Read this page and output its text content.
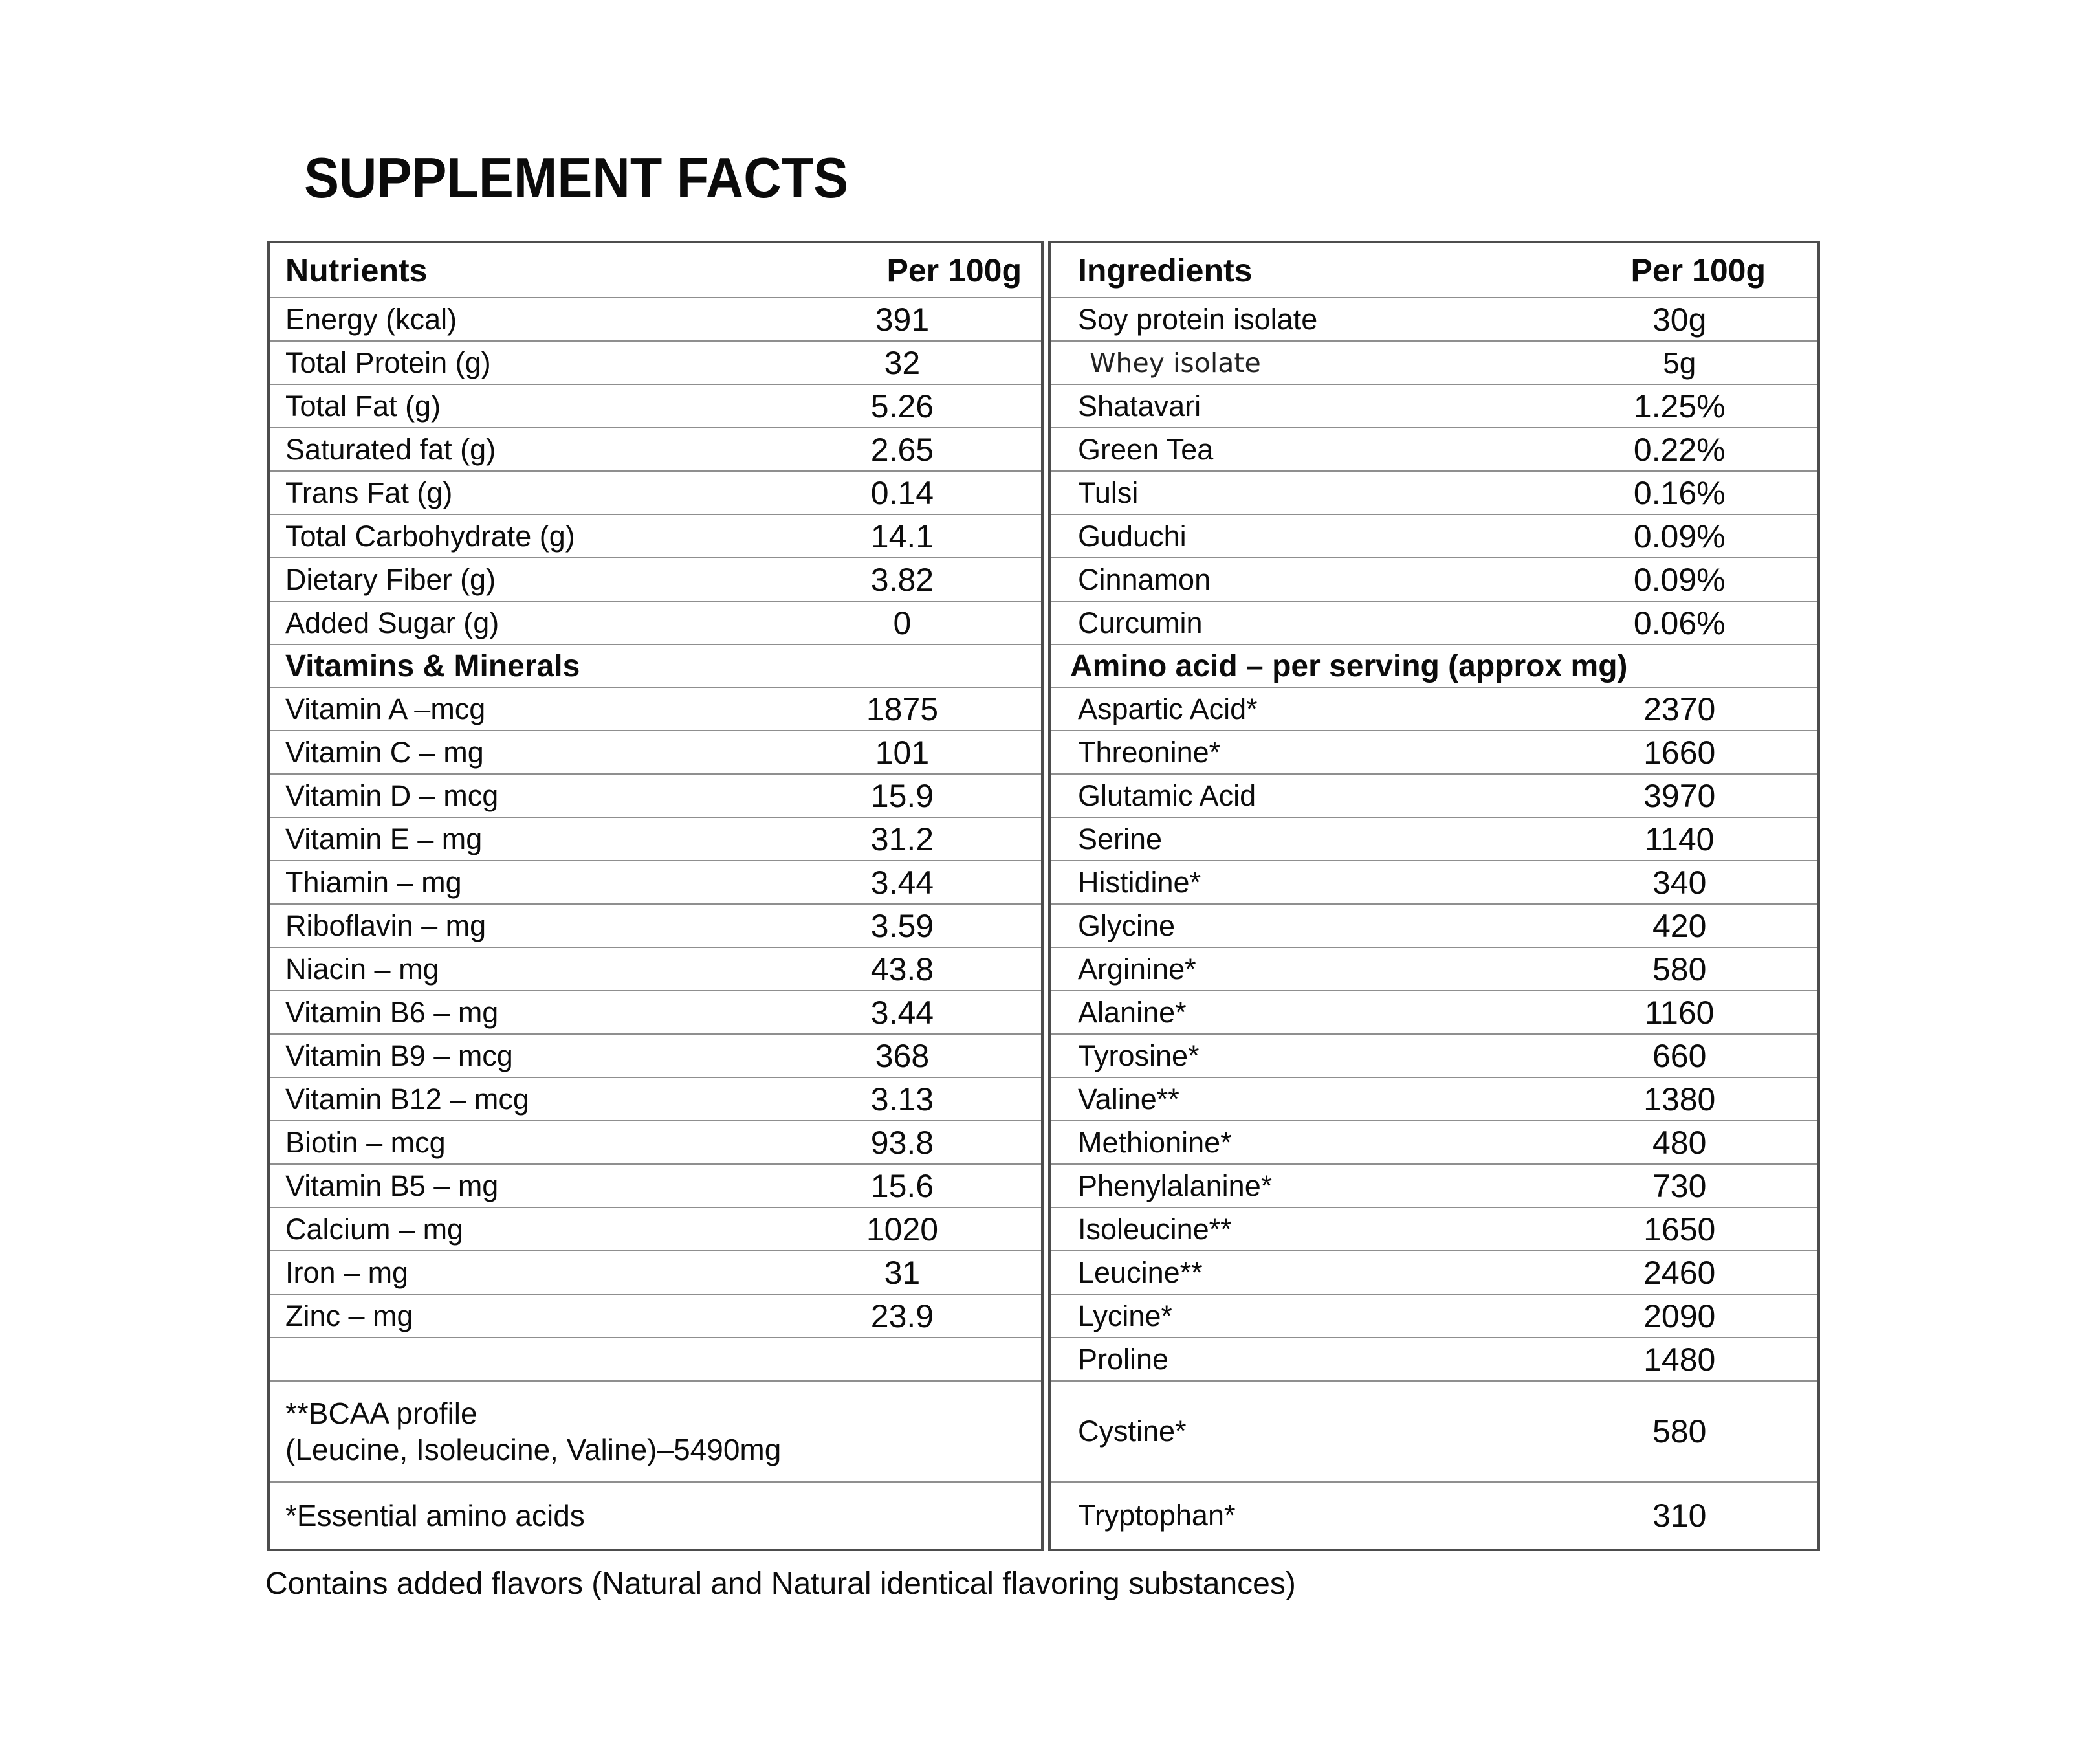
SUPPLEMENT FACTS
Nutrients	Per 100g
Energy (kcal)	391
Total Protein (g)	32
Total Fat (g)	5.26
Saturated fat (g)	2.65
Trans Fat (g)	0.14
Total Carbohydrate (g)	14.1
Dietary Fiber (g)	3.82
Added Sugar (g)	0
Vitamins & Minerals
Vitamin A –mcg	1875
Vitamin C – mg	101
Vitamin D – mcg	15.9
Vitamin E – mg	31.2
Thiamin – mg	3.44
Riboflavin – mg	3.59
Niacin – mg	43.8
Vitamin B6 – mg	3.44
Vitamin B9 – mcg	368
Vitamin B12 – mcg	3.13
Biotin – mcg	93.8
Vitamin B5 – mg	15.6
Calcium – mg	1020
Iron – mg	31
Zinc – mg	23.9
**BCAA profile
(Leucine, Isoleucine, Valine)–5490mg
*Essential amino acids
Ingredients	Per 100g
Soy protein isolate	30g
Whey isolate	5g
Shatavari	1.25%
Green Tea	0.22%
Tulsi	0.16%
Guduchi	0.09%
Cinnamon	0.09%
Curcumin	0.06%
Amino acid – per serving (approx mg)
Aspartic Acid*	2370
Threonine*	1660
Glutamic Acid	3970
Serine	1140
Histidine*	340
Glycine	420
Arginine*	580
Alanine*	1160
Tyrosine*	660
Valine**	1380
Methionine*	480
Phenylalanine*	730
Isoleucine**	1650
Leucine**	2460
Lycine*	2090
Proline	1480
Cystine*	580
Tryptophan*	310
Contains added flavors (Natural and Natural identical flavoring substances)
